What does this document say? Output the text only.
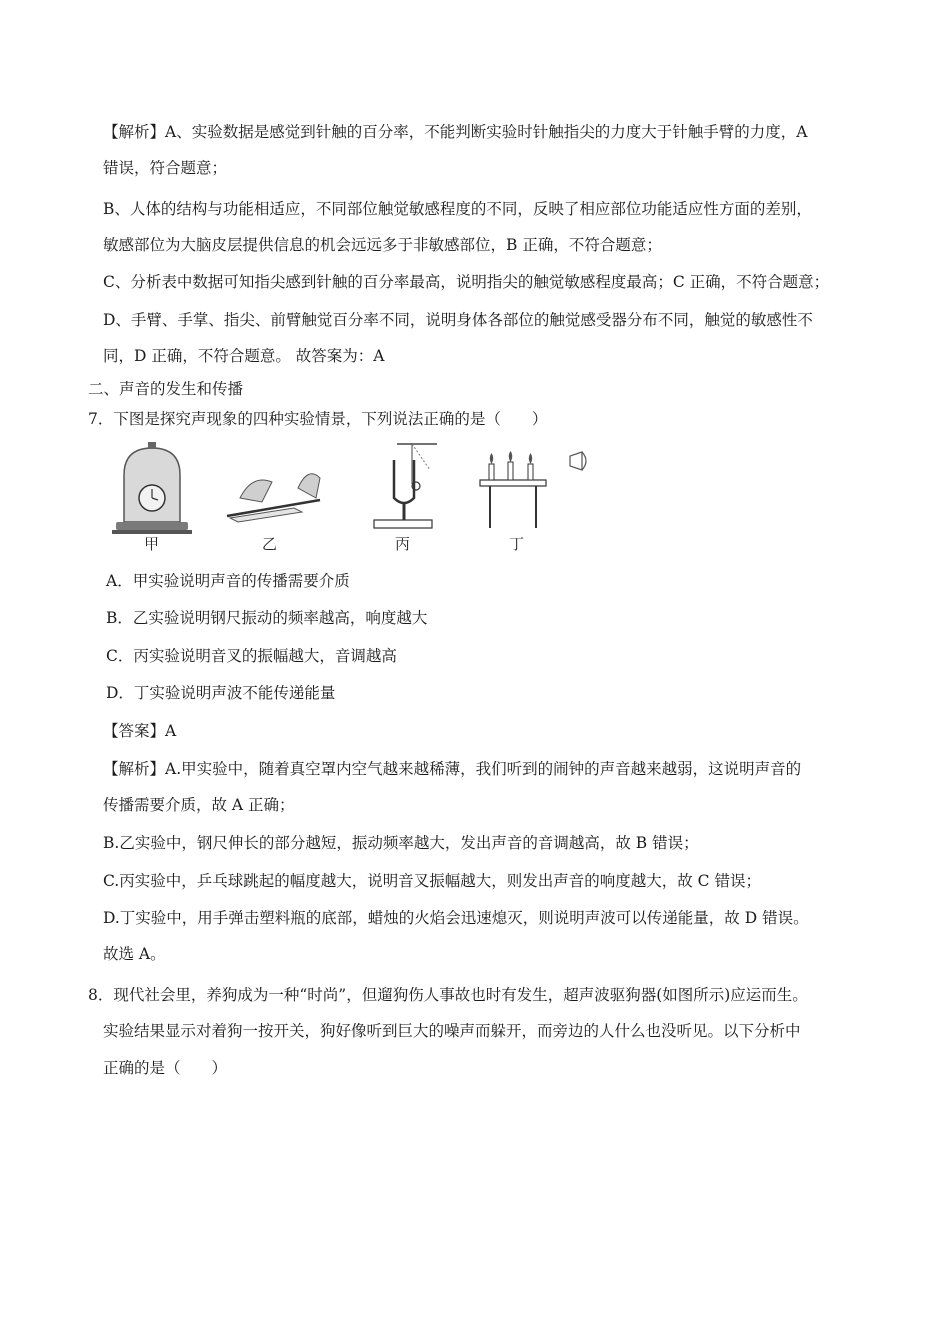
【解析】A、实验数据是感觉到针触的百分率，不能判断实验时针触指尖的力度大于针触手臂的力度，A
错误，符合题意；
B、人体的结构与功能相适应，不同部位触觉敏感程度的不同，反映了相应部位功能适应性方面的差别，
敏感部位为大脑皮层提供信息的机会远远多于非敏感部位，B 正确，不符合题意；
C、分析表中数据可知指尖感到针触的百分率最高，说明指尖的触觉敏感程度最高；C 正确，不符合题意；
D、手臂、手掌、指尖、前臂触觉百分率不同，说明身体各部位的触觉感受器分布不同，触觉的敏感性不
同，D 正确，不符合题意。 故答案为：A
二、声音的发生和传播
7．下图是探究声现象的四种实验情景，下列说法正确的是（　　）
甲	乙	丙	丁
A．甲实验说明声音的传播需要介质
B．乙实验说明钢尺振动的频率越高，响度越大
C．丙实验说明音叉的振幅越大，音调越高
D．丁实验说明声波不能传递能量
【答案】A
【解析】A.甲实验中，随着真空罩内空气越来越稀薄，我们听到的闹钟的声音越来越弱，这说明声音的
传播需要介质，故 A 正确；
B.乙实验中，钢尺伸长的部分越短，振动频率越大，发出声音的音调越高，故 B 错误；
C.丙实验中，乒乓球跳起的幅度越大，说明音叉振幅越大，则发出声音的响度越大，故 C 错误；
D.丁实验中，用手弹击塑料瓶的底部，蜡烛的火焰会迅速熄灭，则说明声波可以传递能量，故 D 错误。
故选 A。
8．现代社会里，养狗成为一种“时尚”，但遛狗伤人事故也时有发生，超声波驱狗器(如图所示)应运而生。
实验结果显示对着狗一按开关，狗好像听到巨大的噪声而躲开，而旁边的人什么也没听见。以下分析中
正确的是（　　）
